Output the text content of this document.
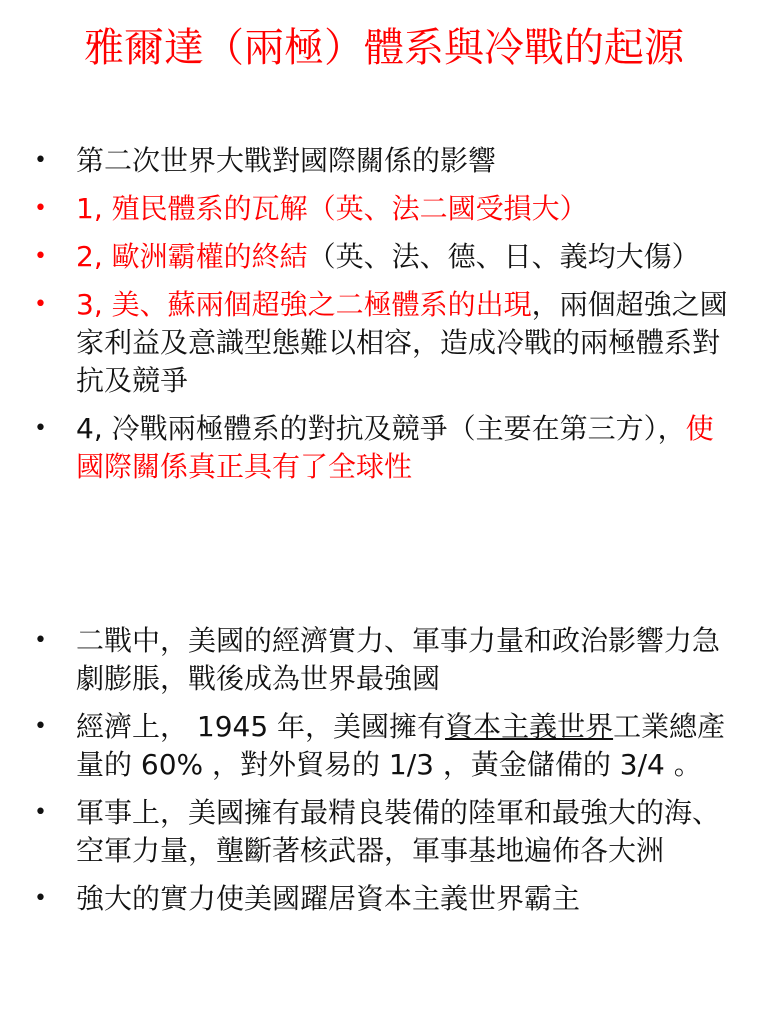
雅爾達（兩極）體系與冷戰的起源
• 第二次世界大戰對國際關係的影響
• 1, 殖民體系的瓦解（英、法二國受損大）
• 2, 歐洲霸權的終結（英、法、德、日、義均大傷）
• 3, 美、蘇兩個超強之二極體系的出現，兩個超強之國家利益及意識型態難以相容，造成冷戰的兩極體系對抗及競爭
• 4, 冷戰兩極體系的對抗及競爭（主要在第三方），使國際關係真正具有了全球性
• 二戰中，美國的經濟實力、軍事力量和政治影響力急劇膨脹，戰後成為世界最強國
• 經濟上， 1945 年，美國擁有資本主義世界工業總產量的 60% ，對外貿易的 1/3 ，黃金儲備的 3/4 。
• 軍事上，美國擁有最精良裝備的陸軍和最強大的海、空軍力量，壟斷著核武器，軍事基地遍佈各大洲
• 強大的實力使美國躍居資本主義世界霸主
